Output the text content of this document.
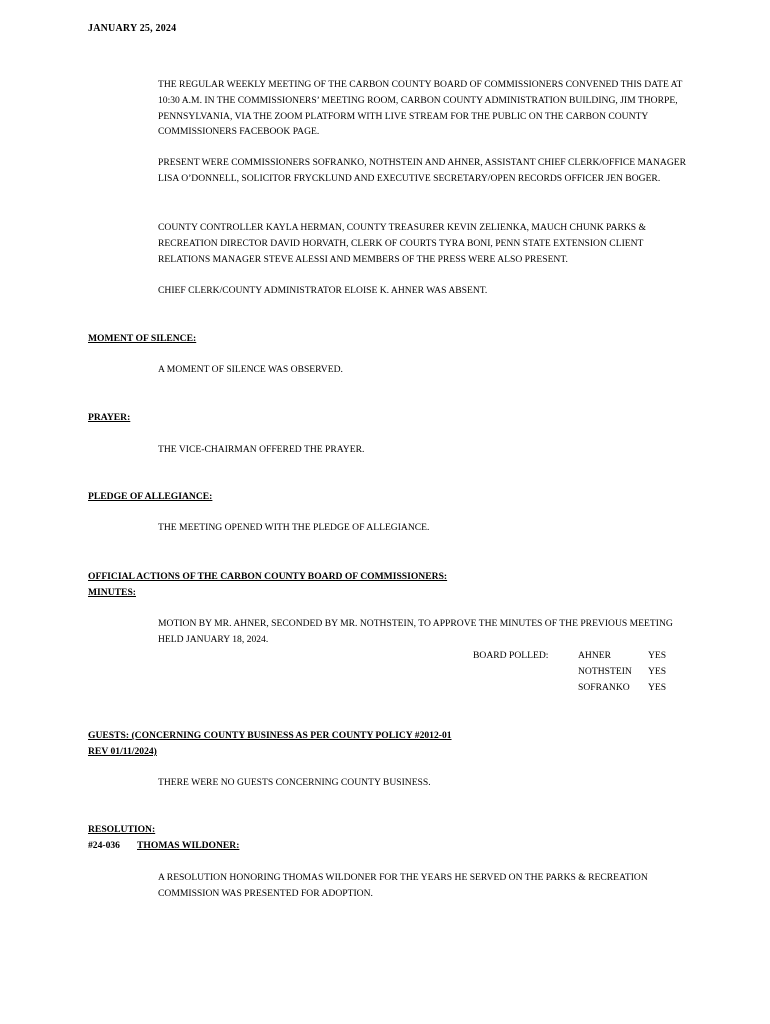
JANUARY 25, 2024
THE REGULAR WEEKLY MEETING OF THE CARBON COUNTY BOARD OF COMMISSIONERS CONVENED THIS DATE AT 10:30 A.M. IN THE COMMISSIONERS’ MEETING ROOM, CARBON COUNTY ADMINISTRATION BUILDING, JIM THORPE, PENNSYLVANIA, VIA THE ZOOM PLATFORM WITH LIVE STREAM FOR THE PUBLIC ON THE CARBON COUNTY COMMISSIONERS FACEBOOK PAGE.
PRESENT WERE COMMISSIONERS SOFRANKO, NOTHSTEIN AND AHNER, ASSISTANT CHIEF CLERK/OFFICE MANAGER LISA O’DONNELL, SOLICITOR FRYCKLUND AND EXECUTIVE SECRETARY/OPEN RECORDS OFFICER JEN BOGER.
COUNTY CONTROLLER KAYLA HERMAN, COUNTY TREASURER KEVIN ZELIENKA, MAUCH CHUNK PARKS & RECREATION DIRECTOR DAVID HORVATH, CLERK OF COURTS TYRA BONI, PENN STATE EXTENSION CLIENT RELATIONS MANAGER STEVE ALESSI AND MEMBERS OF THE PRESS WERE ALSO PRESENT.
CHIEF CLERK/COUNTY ADMINISTRATOR ELOISE K. AHNER WAS ABSENT.
MOMENT OF SILENCE:
A MOMENT OF SILENCE WAS OBSERVED.
PRAYER:
THE VICE-CHAIRMAN OFFERED THE PRAYER.
PLEDGE OF ALLEGIANCE:
THE MEETING OPENED WITH THE PLEDGE OF ALLEGIANCE.
OFFICIAL ACTIONS OF THE CARBON COUNTY BOARD OF COMMISSIONERS:
MINUTES:
MOTION BY MR. AHNER, SECONDED BY MR. NOTHSTEIN, TO APPROVE THE MINUTES OF THE PREVIOUS MEETING HELD JANUARY 18, 2024.
BOARD POLLED:	AHNER	YES
NOTHSTEIN	YES
SOFRANKO	YES
GUESTS: (CONCERNING COUNTY BUSINESS AS PER COUNTY POLICY #2012-01
REV 01/11/2024)
THERE WERE NO GUESTS CONCERNING COUNTY BUSINESS.
RESOLUTION:
#24-036 THOMAS WILDONER:
A RESOLUTION HONORING THOMAS WILDONER FOR THE YEARS HE SERVED ON THE PARKS & RECREATION COMMISSION WAS PRESENTED FOR ADOPTION.
